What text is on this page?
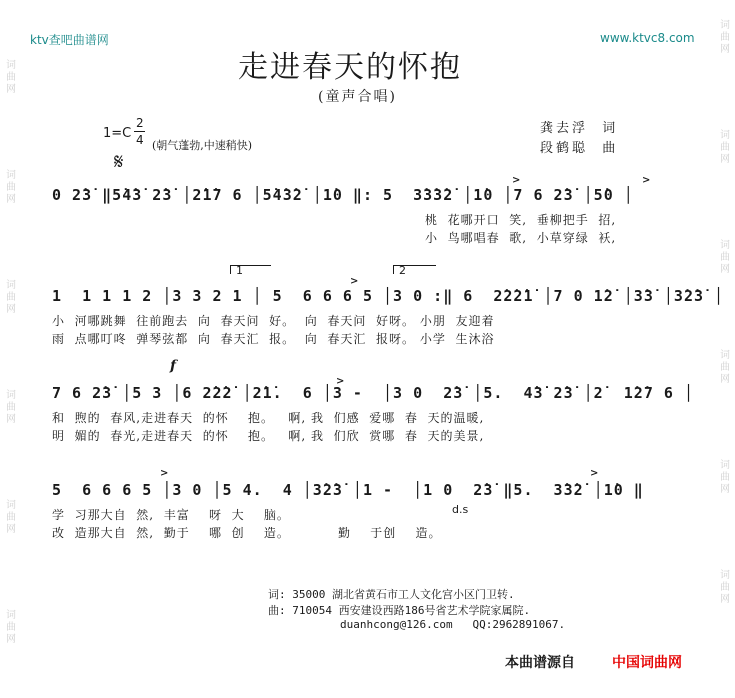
ktv查吧曲谱网	www.ktvc8.com
词曲网
词曲网
词曲网
词曲网
词曲网
词曲网
词曲网
词曲网
词曲网
词曲网
词曲网
词曲网
走进春天的怀抱
(童声合唱)
1=C
2
4 (朝气蓬勃,中速稍快)
龚去浮  词
段鹤聪  曲
𝄋
>	>
0 2̇3̇ ‖5̇4̇3̇ 2̇3̇ │2̇1̇7 6 │5̇4̇3̇2̇ │1̇0 ‖: 5  3̇3̇3̇2̇ │1̇0 │7 6 2̇3̇ │5̇0 │
桃  花哪开口  笑,  垂柳把手  招,
小  鸟哪唱春  歌,  小草穿绿  袄,
1	2
>
1  1 1 1 2 │3 3 2 1 │ 5  6 6 6 5 │3 0 :‖ 6  2̇2̇2̇1̇ │7 0 1̇2̇ │3̇3̇ │3̇2̇3̇ │
小  河哪跳舞  往前跑去  向  春天问  好。  向  春天问  好呀。 小朋  友迎着
雨  点哪叮咚  弹琴弦都  向  春天汇  报。  向  春天汇  报呀。 小学  生沐浴
f
>
7 6 2̇3̇ │5 3 │6 2̇2̇2̇ │2̇1̇.  6 │3 -  │3 0  2̇3̇ │5.  4̇3̇ 2̇3̇ │2̇  1̇2̇7 6 │
和  煦的  春风,走进春天  的怀    抱。   啊, 我  们感  爱哪  春  天的温暖,
明  媚的  春光,走进春天  的怀    抱。   啊, 我  们欣  赏哪  春  天的美景,
>	>
5  6 6 6 5 │3 0 │5 4.  4 │3̇2̇3̇ │1 -  │1 0  2̇3̇ ‖5.  3̇3̇2̇ │1̇0 ‖
d.s
学  习那大自  然,  丰富    呀  大    脑。
改  造那大自  然,  勤于    哪  创    造。          勤    于创    造。
词: 35000 湖北省黄石市工人文化宫小区门卫转.
曲: 710054 西安建设西路186号省艺术学院家属院.
duanhcong@126.com   QQ:2962891067.
本曲谱源自	中国词曲网
